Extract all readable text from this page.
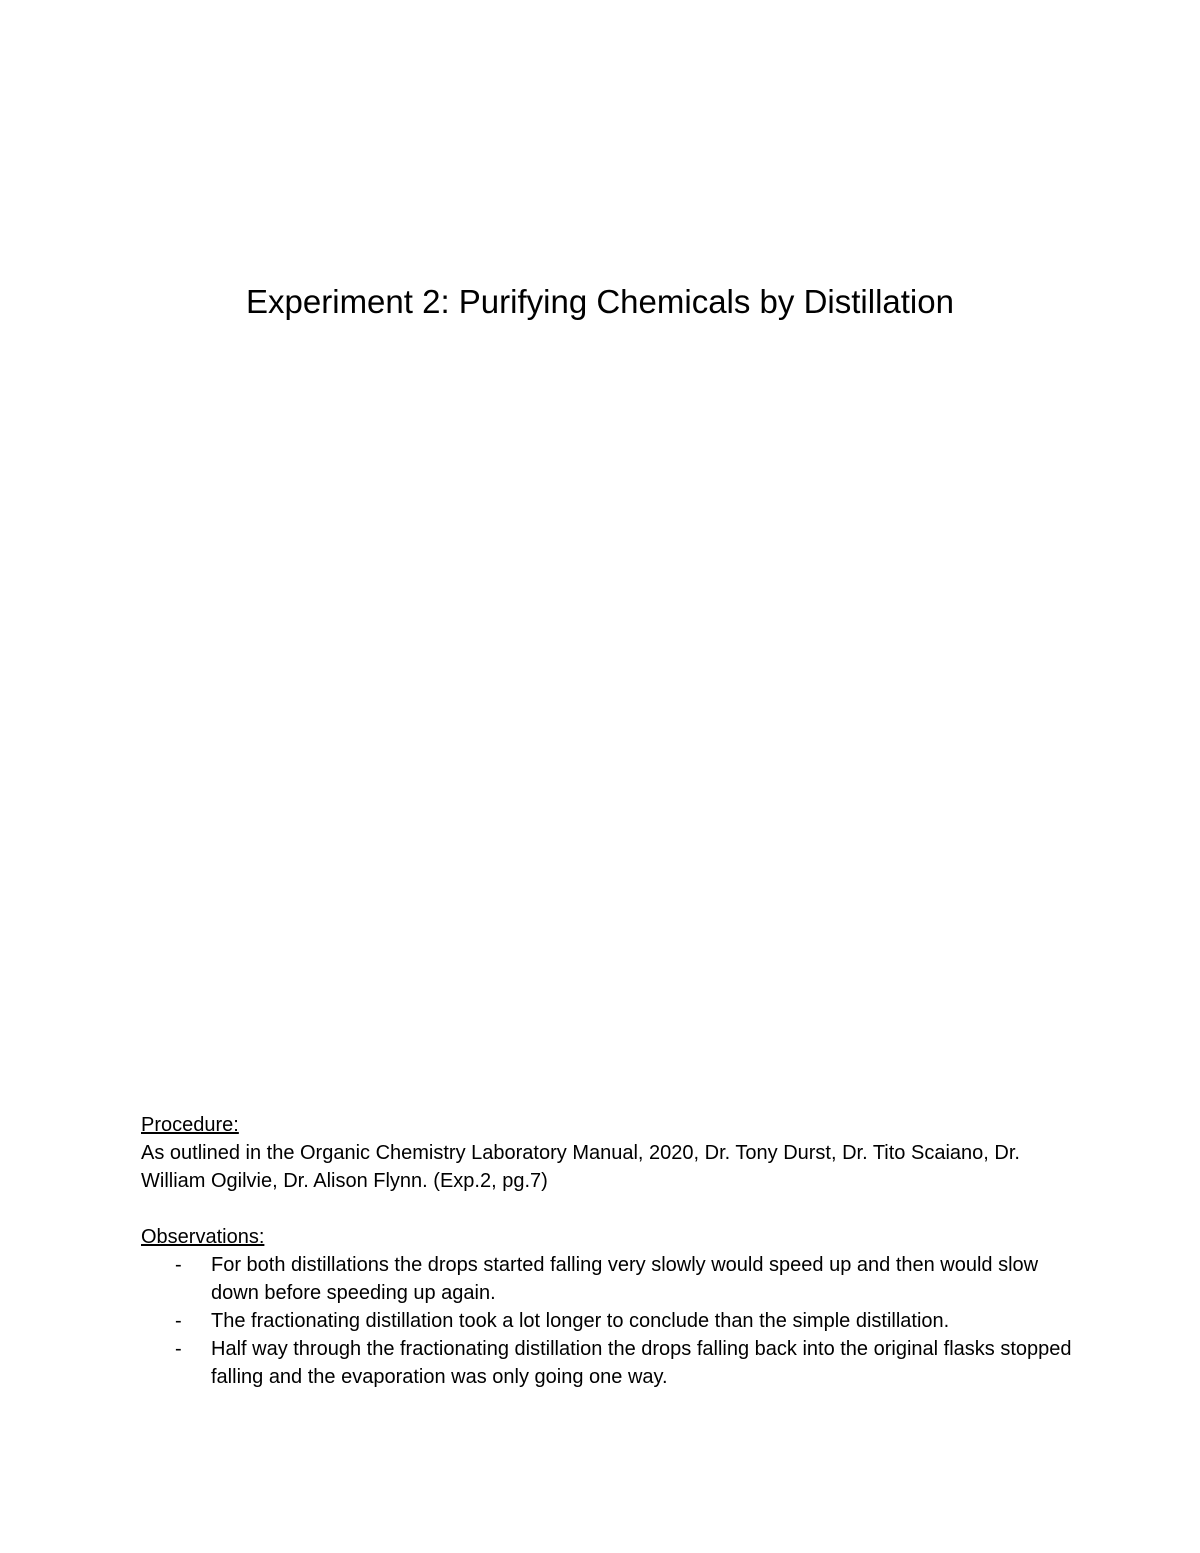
Experiment 2: Purifying Chemicals by Distillation

Procedure:

As outlined in the Organic Chemistry Laboratory Manual, 2020, Dr. Tony Durst, Dr. Tito Scaiano, Dr. William Ogilvie, Dr. Alison Flynn. (Exp.2, pg.7)

Observations:

- For both distillations the drops started falling very slowly would speed up and then would slow down before speeding up again.
- The fractionating distillation took a lot longer to conclude than the simple distillation.
- Half way through the fractionating distillation the drops falling back into the original flasks stopped falling and the evaporation was only going one way.
